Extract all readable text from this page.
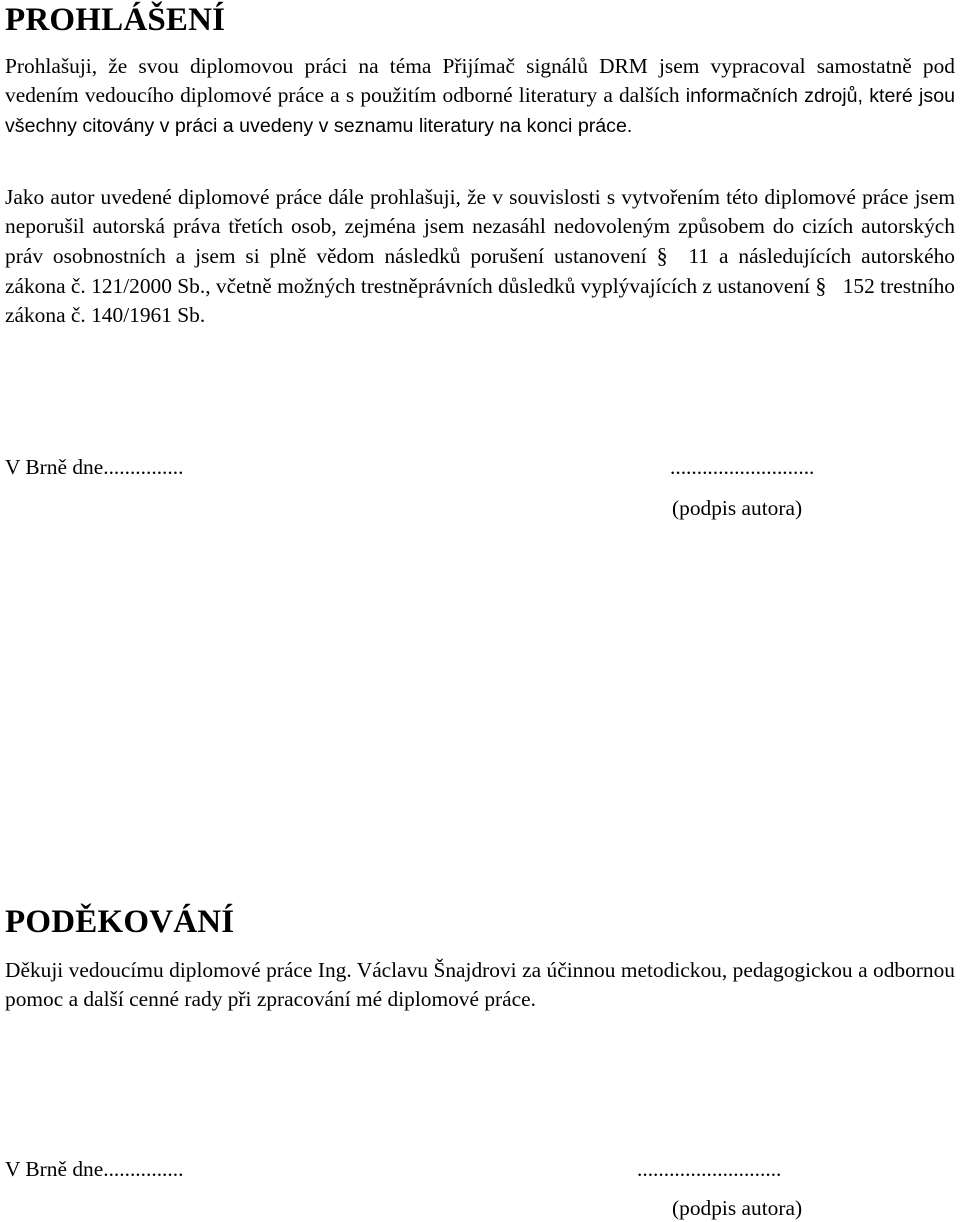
PROHLÁŠENÍ

Prohlašuji, že svou diplomovou práci na téma Přijímač signálů DRM jsem vypracoval samostatně pod vedením vedoucího diplomové práce a s použitím odborné literatury a dalších informačních zdrojů, které jsou všechny citovány v práci a uvedeny v seznamu literatury na konci práce.

Jako autor uvedené diplomové práce dále prohlašuji, že v souvislosti s vytvořením této diplomové práce jsem neporušil autorská práva třetích osob, zejména jsem nezasáhl nedovoleným způsobem do cizích autorských práv osobnostních a jsem si plně vědom následků porušení ustanovení § 11 a následujících autorského zákona č. 121/2000 Sb., včetně možných trestněprávních důsledků vyplývajících z ustanovení § 152 trestního zákona č. 140/1961 Sb.

V Brně dne...............	...........................
(podpis autora)
PODĚKOVÁNÍ

Děkuji vedoucímu diplomové práce Ing. Václavu Šnajdrovi za účinnou metodickou, pedagogickou a odbornou pomoc a další cenné rady při zpracování mé diplomové práce.

V Brně dne...............	...........................
(podpis autora)
